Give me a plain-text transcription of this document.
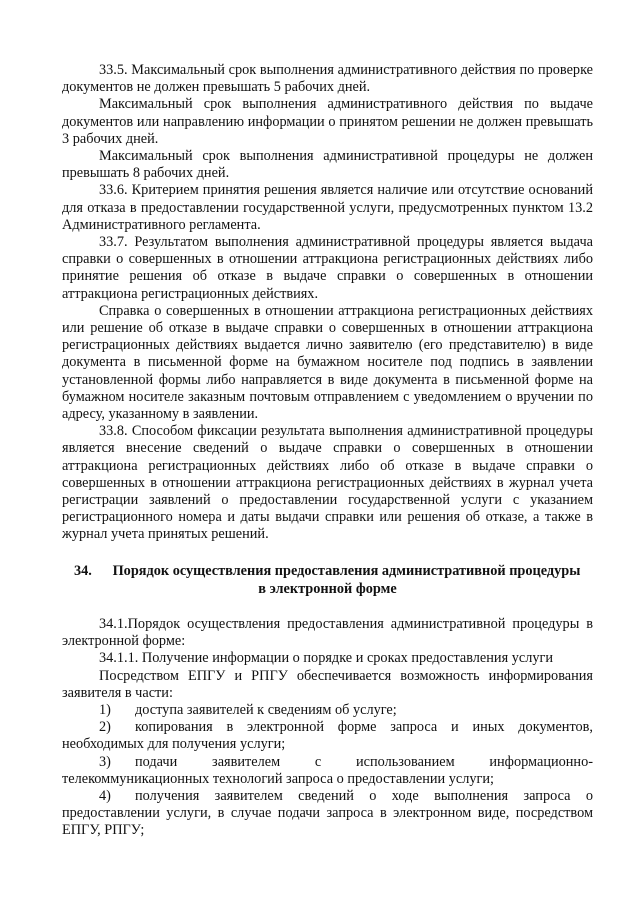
33.5. Максимальный срок выполнения административного действия по проверке документов не должен превышать 5 рабочих дней.

Максимальный срок выполнения административного действия по выдаче документов или направлению информации о принятом решении не должен превышать 3 рабочих дней.

Максимальный срок выполнения административной процедуры не должен превышать 8 рабочих дней.

33.6. Критерием принятия решения является наличие или отсутствие оснований для отказа в предоставлении государственной услуги, предусмотренных пунктом 13.2 Административного регламента.

33.7. Результатом выполнения административной процедуры является выдача справки о совершенных в отношении аттракциона регистрационных действиях либо принятие решения об отказе в выдаче справки о совершенных в отношении аттракциона регистрационных действиях.

Справка о совершенных в отношении аттракциона регистрационных действиях или решение об отказе в выдаче справки о совершенных в отношении аттракциона регистрационных действиях выдается лично заявителю (его представителю) в виде документа в письменной форме на бумажном носителе под подпись в заявлении установленной формы либо направляется в виде документа в письменной форме на бумажном носителе заказным почтовым отправлением с уведомлением о вручении по адресу, указанному в заявлении.

33.8. Способом фиксации результата выполнения административной процедуры является внесение сведений о выдаче справки о совершенных в отношении аттракциона регистрационных действиях либо об отказе в выдаче справки о совершенных в отношении аттракциона регистрационных действиях в журнал учета регистрации заявлений о предоставлении государственной услуги с указанием регистрационного номера и даты выдачи справки или решения об отказе, а также в журнал учета принятых решений.

34.	Порядок осуществления предоставления административной процедуры
в электронной форме

34.1.Порядок осуществления предоставления административной процедуры в электронной форме:

34.1.1. Получение информации о порядке и сроках предоставления услуги

Посредством ЕПГУ и РПГУ обеспечивается возможность информирования заявителя в части:

1) доступа заявителей к сведениям об услуге;

2) копирования в электронной форме запроса и иных документов, необходимых для получения услуги;

3) подачи заявителем с использованием информационно-

телекоммуникационных технологий запроса о предоставлении услуги;

4) получения заявителем сведений о ходе выполнения запроса о предоставлении услуги, в случае подачи запроса в электронном виде, посредством ЕПГУ, РПГУ;
